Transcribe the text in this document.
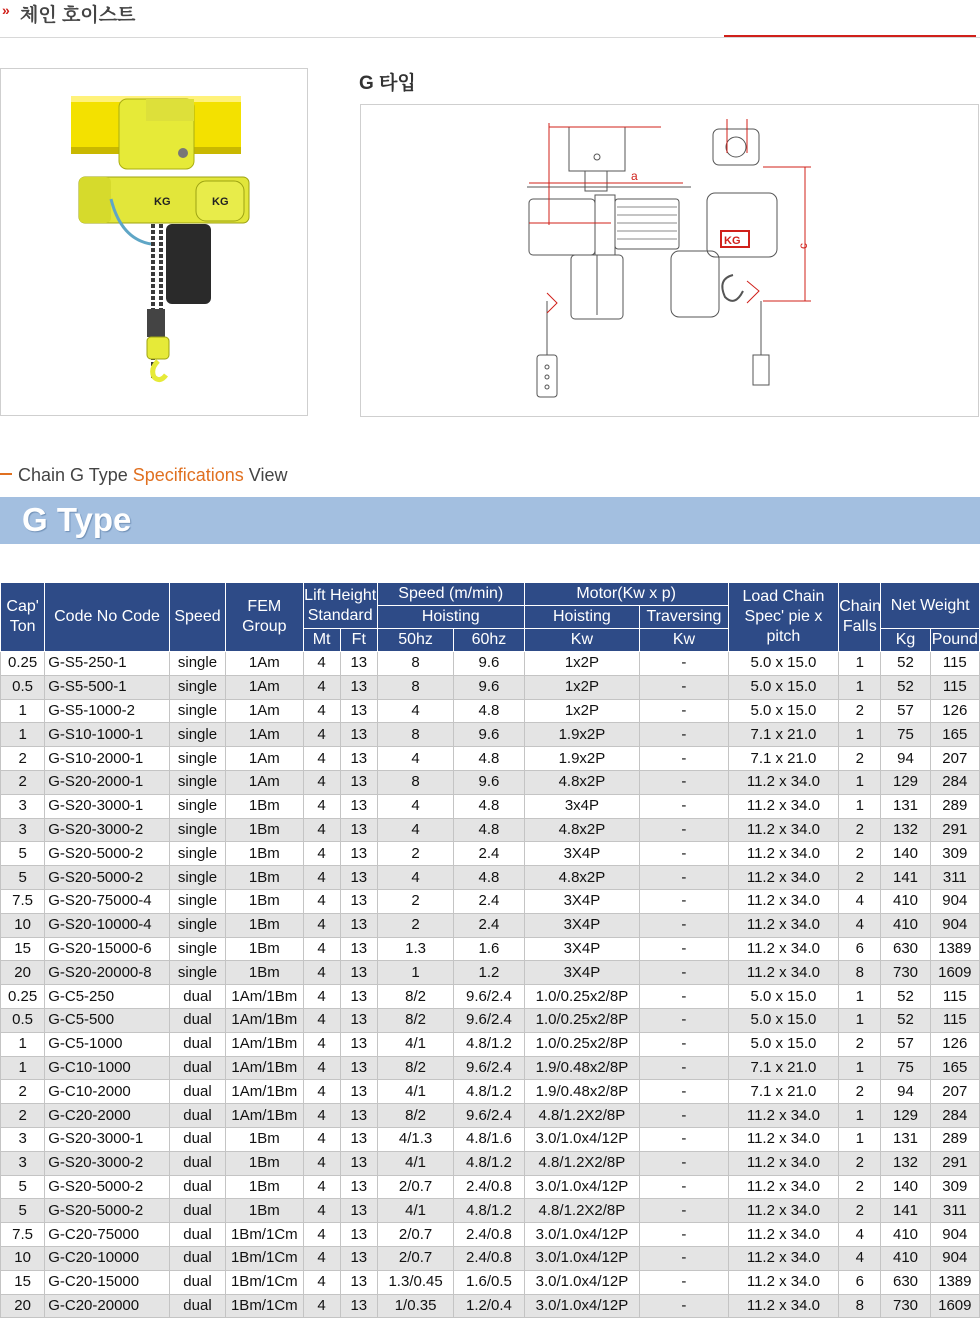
» 체인 호이스트
KG	KG
G 타입
a
c
KG
Chain G Type Specifications View
G Type
Cap' Ton	Code No Code	Speed	FEM Group	Lift Height Standard		Speed (m/min)		Motor(Kw x p)		Load Chain Spec' pie x pitch	Chain Falls	Net Weight	
						Hoisting		Hoisting	Traversing				
				Mt	Ft	50hz	60hz	Kw	Kw			Kg	Pound
0.25	G-S5-250-1	single	1Am	4	13	8	9.6	1x2P	-	5.0 x 15.0	1	52	115
0.5	G-S5-500-1	single	1Am	4	13	8	9.6	1x2P	-	5.0 x 15.0	1	52	115
1	G-S5-1000-2	single	1Am	4	13	4	4.8	1x2P	-	5.0 x 15.0	2	57	126
1	G-S10-1000-1	single	1Am	4	13	8	9.6	1.9x2P	-	7.1 x 21.0	1	75	165
2	G-S10-2000-1	single	1Am	4	13	4	4.8	1.9x2P	-	7.1 x 21.0	2	94	207
2	G-S20-2000-1	single	1Am	4	13	8	9.6	4.8x2P	-	11.2 x 34.0	1	129	284
3	G-S20-3000-1	single	1Bm	4	13	4	4.8	3x4P	-	11.2 x 34.0	1	131	289
3	G-S20-3000-2	single	1Bm	4	13	4	4.8	4.8x2P	-	11.2 x 34.0	2	132	291
5	G-S20-5000-2	single	1Bm	4	13	2	2.4	3X4P	-	11.2 x 34.0	2	140	309
5	G-S20-5000-2	single	1Bm	4	13	4	4.8	4.8x2P	-	11.2 x 34.0	2	141	311
7.5	G-S20-75000-4	single	1Bm	4	13	2	2.4	3X4P	-	11.2 x 34.0	4	410	904
10	G-S20-10000-4	single	1Bm	4	13	2	2.4	3X4P	-	11.2 x 34.0	4	410	904
15	G-S20-15000-6	single	1Bm	4	13	1.3	1.6	3X4P	-	11.2 x 34.0	6	630	1389
20	G-S20-20000-8	single	1Bm	4	13	1	1.2	3X4P	-	11.2 x 34.0	8	730	1609
0.25	G-C5-250	dual	1Am/1Bm	4	13	8/2	9.6/2.4	1.0/0.25x2/8P	-	5.0 x 15.0	1	52	115
0.5	G-C5-500	dual	1Am/1Bm	4	13	8/2	9.6/2.4	1.0/0.25x2/8P	-	5.0 x 15.0	1	52	115
1	G-C5-1000	dual	1Am/1Bm	4	13	4/1	4.8/1.2	1.0/0.25x2/8P	-	5.0 x 15.0	2	57	126
1	G-C10-1000	dual	1Am/1Bm	4	13	8/2	9.6/2.4	1.9/0.48x2/8P	-	7.1 x 21.0	1	75	165
2	G-C10-2000	dual	1Am/1Bm	4	13	4/1	4.8/1.2	1.9/0.48x2/8P	-	7.1 x 21.0	2	94	207
2	G-C20-2000	dual	1Am/1Bm	4	13	8/2	9.6/2.4	4.8/1.2X2/8P	-	11.2 x 34.0	1	129	284
3	G-S20-3000-1	dual	1Bm	4	13	4/1.3	4.8/1.6	3.0/1.0x4/12P	-	11.2 x 34.0	1	131	289
3	G-S20-3000-2	dual	1Bm	4	13	4/1	4.8/1.2	4.8/1.2X2/8P	-	11.2 x 34.0	2	132	291
5	G-S20-5000-2	dual	1Bm	4	13	2/0.7	2.4/0.8	3.0/1.0x4/12P	-	11.2 x 34.0	2	140	309
5	G-S20-5000-2	dual	1Bm	4	13	4/1	4.8/1.2	4.8/1.2X2/8P	-	11.2 x 34.0	2	141	311
7.5	G-C20-75000	dual	1Bm/1Cm	4	13	2/0.7	2.4/0.8	3.0/1.0x4/12P	-	11.2 x 34.0	4	410	904
10	G-C20-10000	dual	1Bm/1Cm	4	13	2/0.7	2.4/0.8	3.0/1.0x4/12P	-	11.2 x 34.0	4	410	904
15	G-C20-15000	dual	1Bm/1Cm	4	13	1.3/0.45	1.6/0.5	3.0/1.0x4/12P	-	11.2 x 34.0	6	630	1389
20	G-C20-20000	dual	1Bm/1Cm	4	13	1/0.35	1.2/0.4	3.0/1.0x4/12P	-	11.2 x 34.0	8	730	1609
